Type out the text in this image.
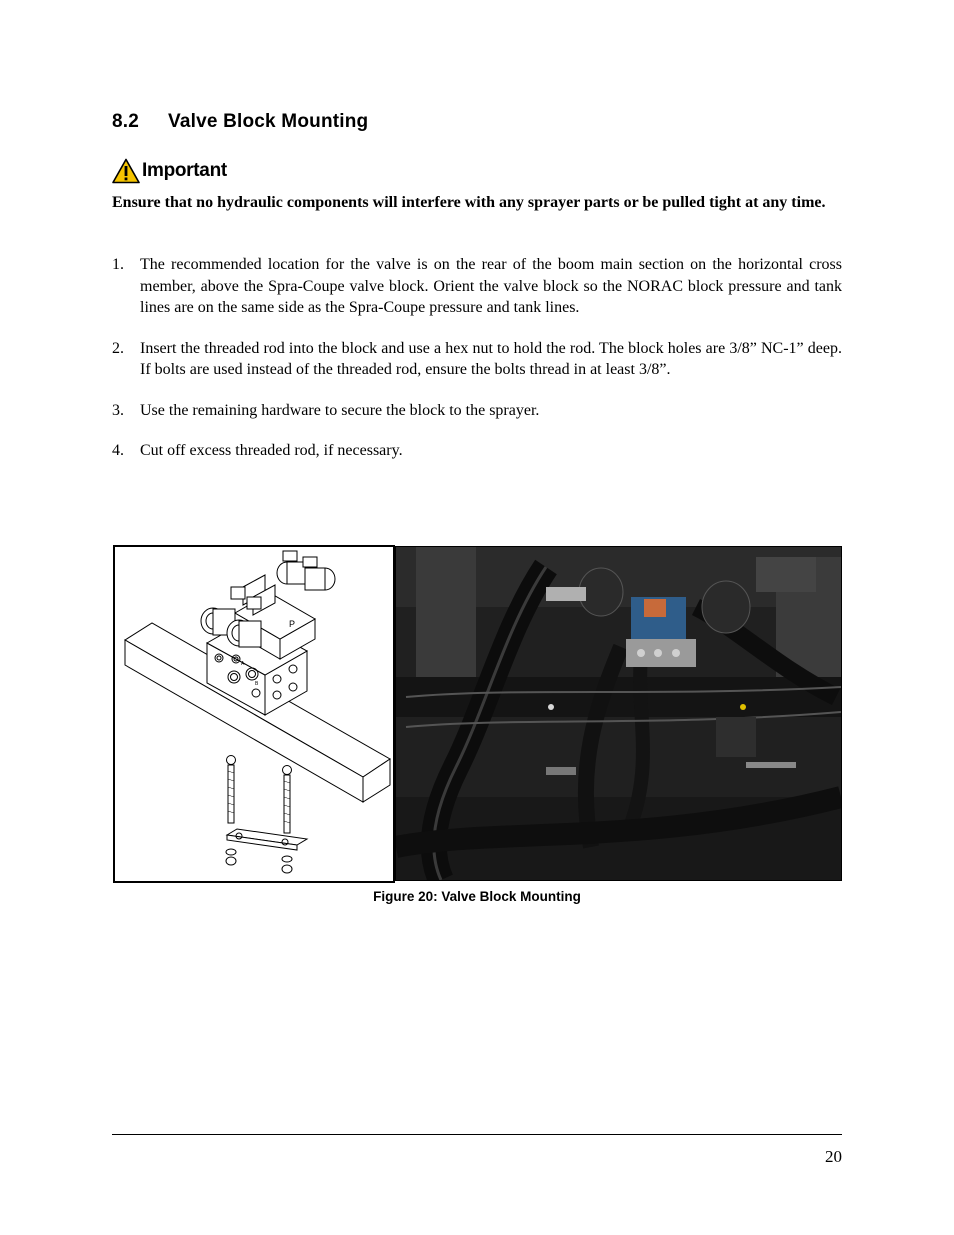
8.2 Valve Block Mounting
Important
Ensure that no hydraulic components will interfere with any sprayer parts or be pulled tight at any time.
1.	The recommended location for the valve is on the rear of the boom main section on the horizontal cross member, above the Spra-Coupe valve block. Orient the valve block so the NORAC block pressure and tank lines are on the same side as the Spra-Coupe pressure and tank lines.
2.	Insert the threaded rod into the block and use a hex nut to hold the rod. The block holes are 3/8” NC-1” deep. If bolts are used instead of the threaded rod, ensure the bolts thread in at least 3/8”.
3.	Use the remaining hardware to secure the block to the sprayer.
4.	Cut off excess threaded rod, if necessary.
P
A
B
Figure 20: Valve Block Mounting
20
